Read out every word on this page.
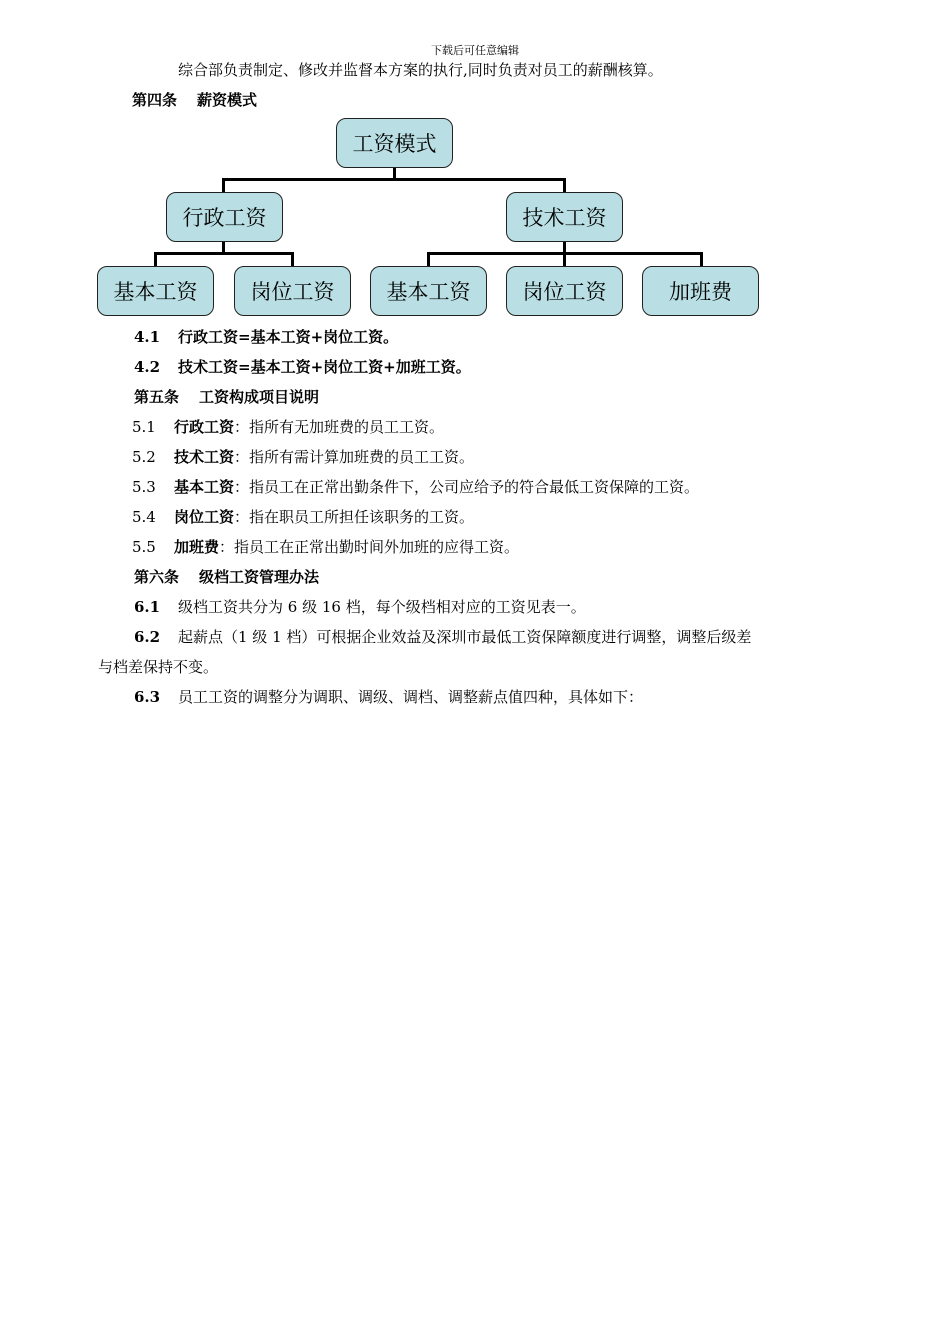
下载后可任意编辑
综合部负责制定、修改并监督本方案的执行,同时负责对员工的薪酬核算。
第四条 薪资模式
工资模式
行政工资	技术工资
基本工资	岗位工资	基本工资	岗位工资	加班费
4.1 行政工资=基本工资+岗位工资。
4.2 技术工资=基本工资+岗位工资+加班工资。
第五条 工资构成项目说明
5.1 行政工资：指所有无加班费的员工工资。
5.2 技术工资：指所有需计算加班费的员工工资。
5.3 基本工资：指员工在正常出勤条件下，公司应给予的符合最低工资保障的工资。
5.4 岗位工资：指在职员工所担任该职务的工资。
5.5 加班费：指员工在正常出勤时间外加班的应得工资。
第六条 级档工资管理办法
6.1 级档工资共分为 6 级 16 档，每个级档相对应的工资见表一。
6.2 起薪点（1 级 1 档）可根据企业效益及深圳市最低工资保障额度进行调整，调整后级差
与档差保持不变。
6.3 员工工资的调整分为调职、调级、调档、调整薪点值四种，具体如下：
